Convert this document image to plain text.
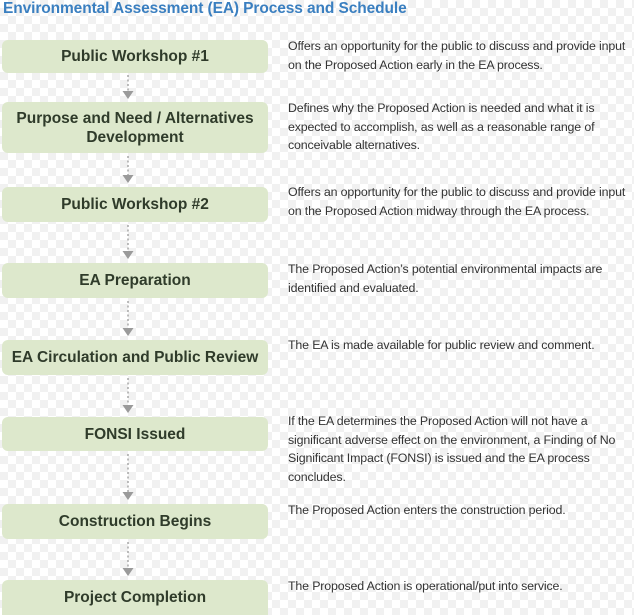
Environmental Assessment (EA) Process and Schedule
Public Workshop #1
Offers an opportunity for the public to discuss and provide input on the Proposed Action early in the EA process.
Purpose and Need / Alternatives Development
Defines why the Proposed Action is needed and what it is expected to accomplish, as well as a reasonable range of conceivable alternatives.
Public Workshop #2
Offers an opportunity for the public to discuss and provide input on the Proposed Action midway through the EA process.
EA Preparation
The Proposed Action’s potential environmental impacts are identified and evaluated.
EA Circulation and Public Review
The EA is made available for public review and comment.
FONSI Issued
If the EA determines the Proposed Action will not have a significant adverse effect on the environment, a Finding of No Significant Impact (FONSI) is issued and the EA process concludes.
Construction Begins
The Proposed Action enters the construction period.
Project Completion
The Proposed Action is operational/put into service.
